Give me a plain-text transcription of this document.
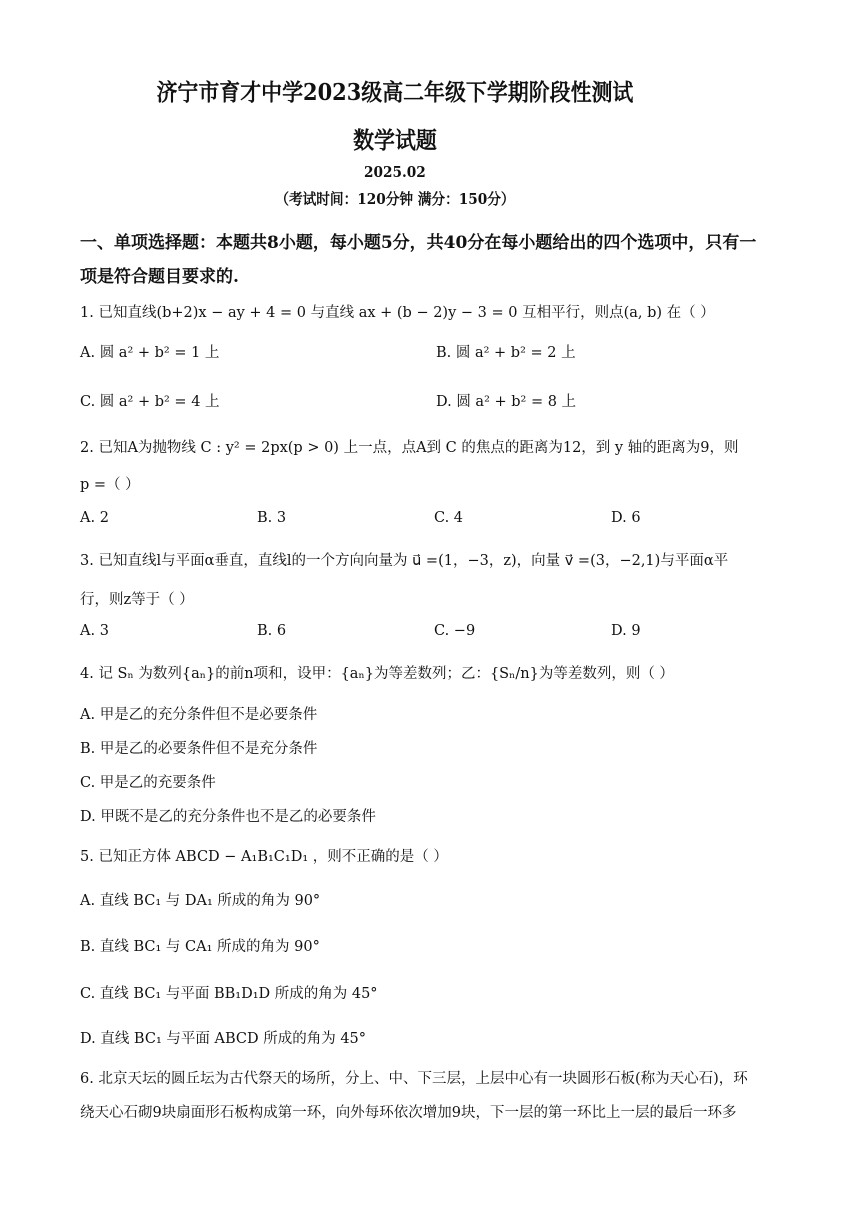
济宁市育才中学2023级高二年级下学期阶段性测试
数学试题
2025.02
（考试时间：120分钟 满分：150分）
一、单项选择题：本题共8小题，每小题5分，共40分在每小题给出的四个选项中，只有一
项是符合题目要求的.
1. 已知直线(b+2)x − ay + 4 = 0 与直线 ax + (b − 2)y − 3 = 0 互相平行，则点(a, b) 在（ ）
A. 圆 a² + b² = 1 上	B. 圆 a² + b² = 2 上
C. 圆 a² + b² = 4 上	D. 圆 a² + b² = 8 上
2. 已知A为抛物线 C : y² = 2px(p > 0) 上一点，点A到 C 的焦点的距离为12，到 y 轴的距离为9，则
p =（ ）
A. 2	B. 3	C. 4	D. 6
3. 已知直线l与平面α垂直，直线l的一个方向向量为 u⃗ =(1，−3，z)，向量 v⃗ =(3，−2,1)与平面α平
行，则z等于（ ）
A. 3	B. 6	C. −9	D. 9
4. 记 Sₙ 为数列{aₙ}的前n项和，设甲：{aₙ}为等差数列；乙：{Sₙ/n}为等差数列，则（ ）
A. 甲是乙的充分条件但不是必要条件
B. 甲是乙的必要条件但不是充分条件
C. 甲是乙的充要条件
D. 甲既不是乙的充分条件也不是乙的必要条件
5. 已知正方体 ABCD − A₁B₁C₁D₁ ，则不正确的是（ ）
A. 直线 BC₁ 与 DA₁ 所成的角为 90°
B. 直线 BC₁ 与 CA₁ 所成的角为 90°
C. 直线 BC₁ 与平面 BB₁D₁D 所成的角为 45°
D. 直线 BC₁ 与平面 ABCD 所成的角为 45°
6. 北京天坛的圆丘坛为古代祭天的场所，分上、中、下三层，上层中心有一块圆形石板(称为天心石)，环
绕天心石砌9块扇面形石板构成第一环，向外每环依次增加9块，下一层的第一环比上一层的最后一环多
